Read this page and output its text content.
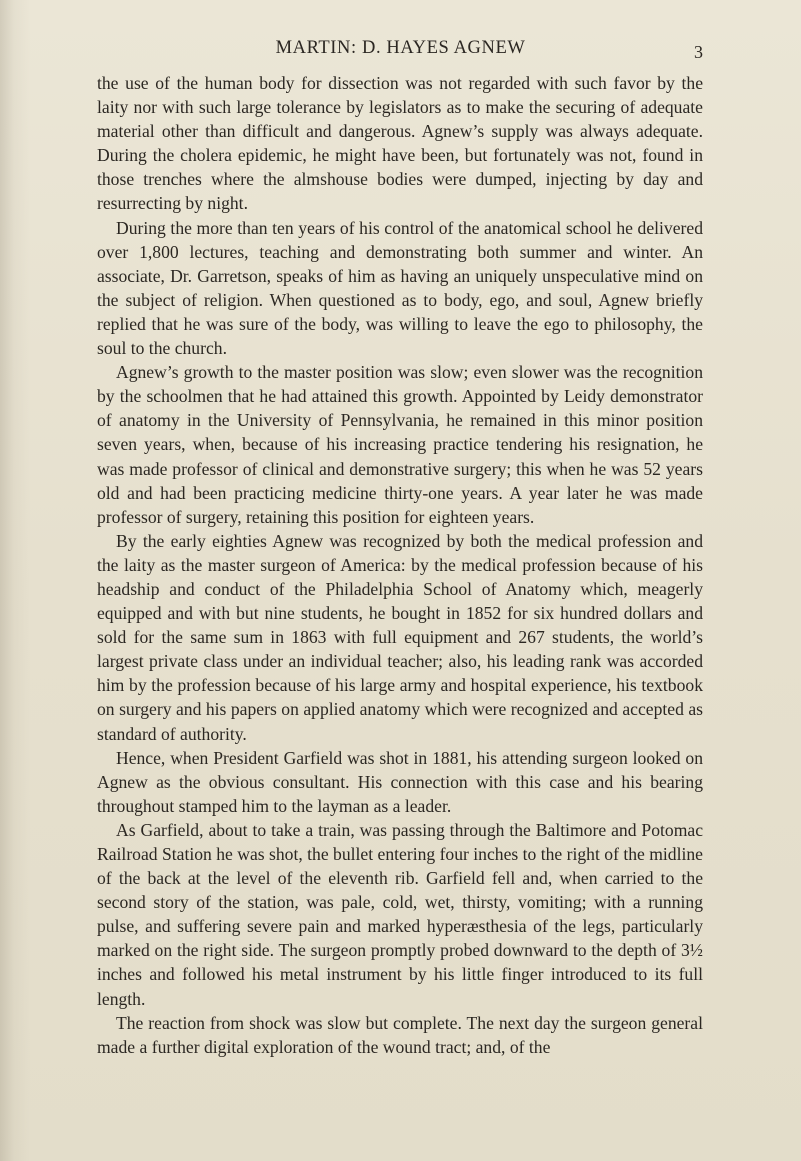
MARTIN: D. HAYES AGNEW	3

the use of the human body for dissection was not regarded with such favor by the laity nor with such large tolerance by legislators as to make the securing of adequate material other than difficult and dangerous. Agnew’s supply was always adequate. During the cholera epidemic, he might have been, but fortunately was not, found in those trenches where the almshouse bodies were dumped, injecting by day and resurrecting by night.

During the more than ten years of his control of the anatomical school he delivered over 1,800 lectures, teaching and demonstrating both summer and winter. An associate, Dr. Garretson, speaks of him as having an uniquely unspeculative mind on the subject of religion. When questioned as to body, ego, and soul, Agnew briefly replied that he was sure of the body, was willing to leave the ego to philosophy, the soul to the church.

Agnew’s growth to the master position was slow; even slower was the recognition by the schoolmen that he had attained this growth. Appointed by Leidy demonstrator of anatomy in the University of Pennsylvania, he remained in this minor position seven years, when, because of his increasing practice tendering his resignation, he was made professor of clinical and demonstrative surgery; this when he was 52 years old and had been practicing medicine thirty-one years. A year later he was made professor of surgery, retaining this position for eighteen years.

By the early eighties Agnew was recognized by both the medical profession and the laity as the master surgeon of America: by the medical profession because of his headship and conduct of the Philadelphia School of Anatomy which, meagerly equipped and with but nine students, he bought in 1852 for six hundred dollars and sold for the same sum in 1863 with full equipment and 267 students, the world’s largest private class under an individual teacher; also, his leading rank was accorded him by the profession because of his large army and hospital experience, his textbook on surgery and his papers on applied anatomy which were recognized and accepted as standard of authority.

Hence, when President Garfield was shot in 1881, his attending surgeon looked on Agnew as the obvious consultant. His connection with this case and his bearing throughout stamped him to the layman as a leader.

As Garfield, about to take a train, was passing through the Baltimore and Potomac Railroad Station he was shot, the bullet entering four inches to the right of the midline of the back at the level of the eleventh rib. Garfield fell and, when carried to the second story of the station, was pale, cold, wet, thirsty, vomiting; with a running pulse, and suffering severe pain and marked hyperæsthesia of the legs, particularly marked on the right side. The surgeon promptly probed downward to the depth of 3½ inches and followed his metal instrument by his little finger introduced to its full length.

The reaction from shock was slow but complete. The next day the surgeon general made a further digital exploration of the wound tract; and, of the
